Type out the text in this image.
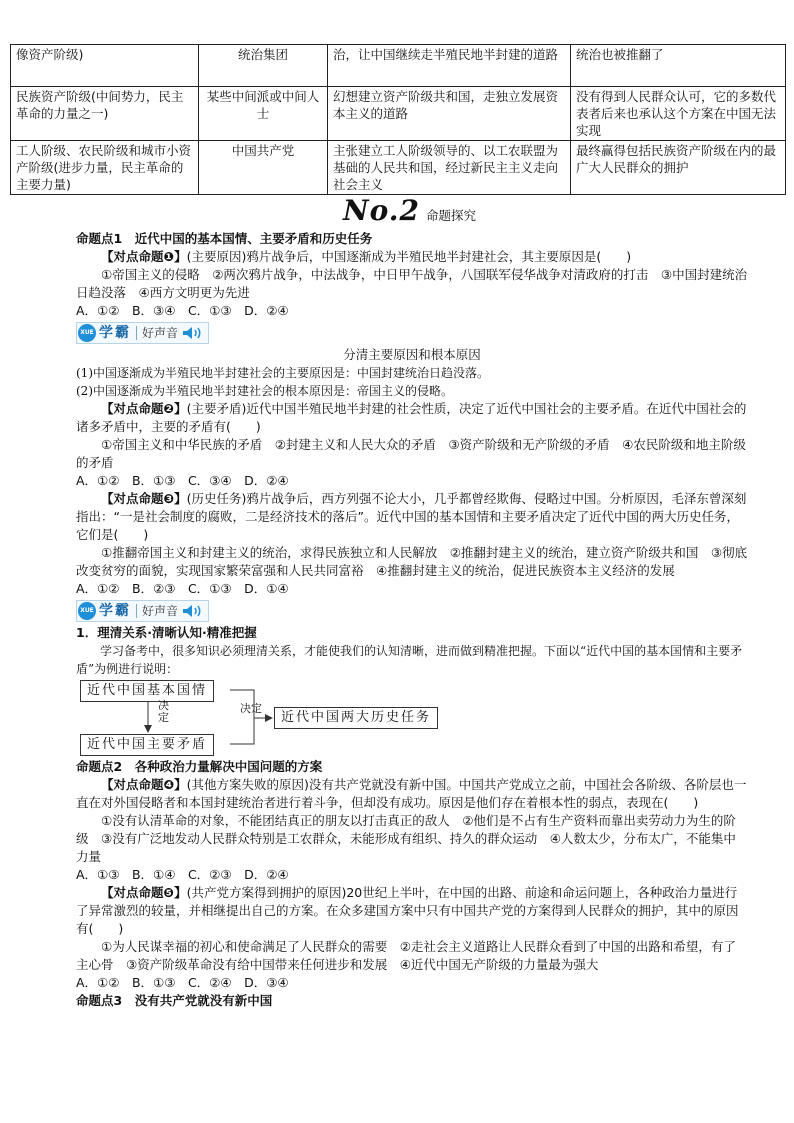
像资产阶级)	统治集团	治，让中国继续走半殖民地半封建的道路	统治也被推翻了
民族资产阶级(中间势力，民主革命的力量之一)	某些中间派或中间人士	幻想建立资产阶级共和国，走独立发展资本主义的道路	没有得到人民群众认可，它的多数代表者后来也承认这个方案在中国无法实现
工人阶级、农民阶级和城市小资产阶级(进步力量，民主革命的主要力量)	中国共产党	主张建立工人阶级领导的、以工农联盟为基础的人民共和国，经过新民主主义走向社会主义	最终赢得包括民族资产阶级在内的最广大人民群众的拥护
No.2 命题探究

命题点1　近代中国的基本国情、主要矛盾和历史任务

【对点命题❶】(主要原因)鸦片战争后，中国逐渐成为半殖民地半封建社会，其主要原因是(　　)

①帝国主义的侵略　②两次鸦片战争，中法战争，中日甲午战争，八国联军侵华战争对清政府的打击　③中国封建统治日趋没落　④西方文明更为先进

A．①②　B．③④　C．①③　D．②④

XUE 学霸 好声音

分清主要原因和根本原因

(1)中国逐渐成为半殖民地半封建社会的主要原因是：中国封建统治日趋没落。

(2)中国逐渐成为半殖民地半封建社会的根本原因是：帝国主义的侵略。

【对点命题❷】(主要矛盾)近代中国半殖民地半封建的社会性质，决定了近代中国社会的主要矛盾。在近代中国社会的诸多矛盾中，主要的矛盾有(　　)

①帝国主义和中华民族的矛盾　②封建主义和人民大众的矛盾　③资产阶级和无产阶级的矛盾　④农民阶级和地主阶级的矛盾

A．①②　B．①③　C．③④　D．②④

【对点命题❸】(历史任务)鸦片战争后，西方列强不论大小，几乎都曾经欺侮、侵略过中国。分析原因，毛泽东曾深刻指出：“一是社会制度的腐败，二是经济技术的落后”。近代中国的基本国情和主要矛盾决定了近代中国的两大历史任务，它们是(　　)

①推翻帝国主义和封建主义的统治，求得民族独立和人民解放　②推翻封建主义的统治，建立资产阶级共和国　③彻底改变贫穷的面貌，实现国家繁荣富强和人民共同富裕　④推翻封建主义的统治，促进民族资本主义经济的发展

A．①②　B．②③　C．①③　D．①④

XUE 学霸 好声音

1．理清关系·清晰认知·精准把握

学习备考中，很多知识必须理清关系，才能使我们的认知清晰，进而做到精准把握。下面以“近代中国的基本国情和主要矛盾”为例进行说明：

近代中国基本国情
近代中国主要矛盾
近代中国两大历史任务
决定
决定

命题点2　各种政治力量解决中国问题的方案

【对点命题❹】(其他方案失败的原因)没有共产党就没有新中国。中国共产党成立之前，中国社会各阶级、各阶层也一直在对外国侵略者和本国封建统治者进行着斗争，但却没有成功。原因是他们存在着根本性的弱点，表现在(　　)

①没有认清革命的对象，不能团结真正的朋友以打击真正的敌人　②他们是不占有生产资料而靠出卖劳动力为生的阶级　③没有广泛地发动人民群众特别是工农群众，未能形成有组织、持久的群众运动　④人数太少，分布太广，不能集中力量

A．①③　B．①④　C．②③　D．②④

【对点命题❺】(共产党方案得到拥护的原因)20世纪上半叶，在中国的出路、前途和命运问题上，各种政治力量进行了异常激烈的较量，并相继提出自己的方案。在众多建国方案中只有中国共产党的方案得到人民群众的拥护，其中的原因有(　　)

①为人民谋幸福的初心和使命满足了人民群众的需要　②走社会主义道路让人民群众看到了中国的出路和希望，有了主心骨　③资产阶级革命没有给中国带来任何进步和发展　④近代中国无产阶级的力量最为强大

A．①②　B．①③　C．②④　D．③④

命题点3　没有共产党就没有新中国
